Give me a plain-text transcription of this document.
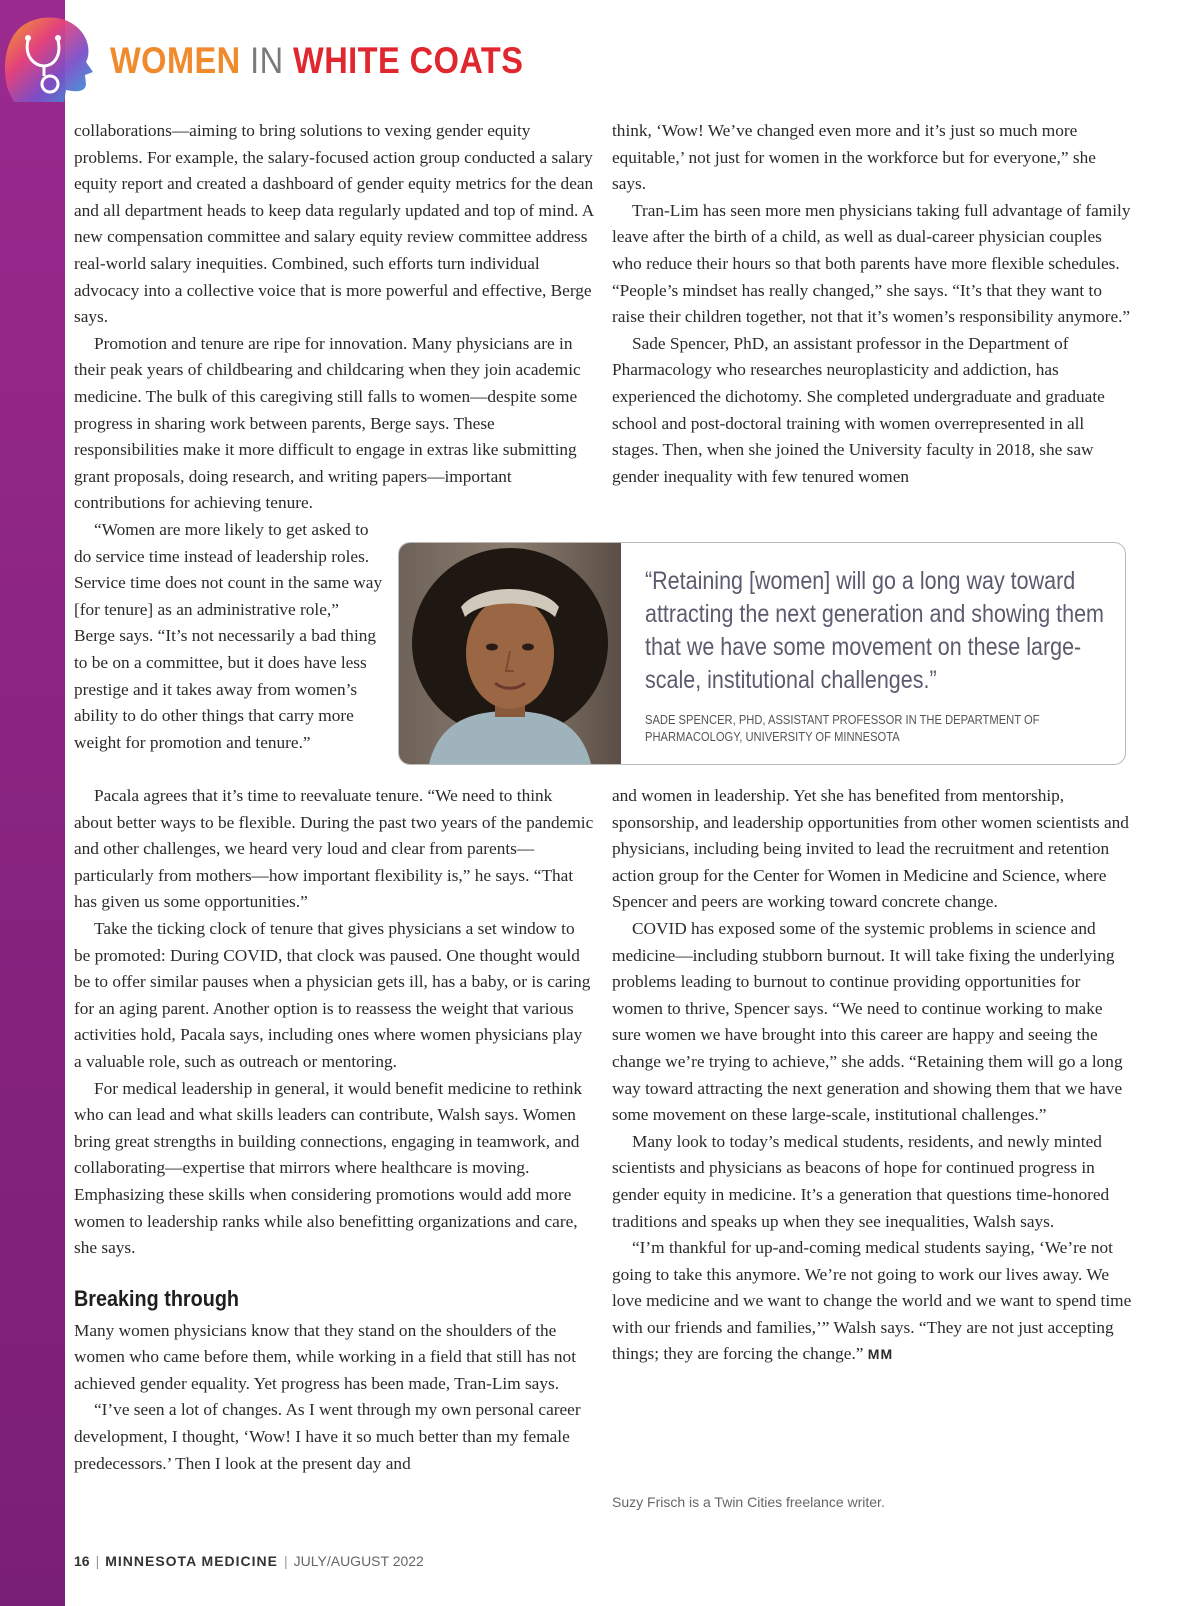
WOMEN IN WHITE COATS

collaborations—aiming to bring solutions to vexing gender equity problems. For example, the salary-focused action group conducted a salary equity report and created a dashboard of gender equity metrics for the dean and all department heads to keep data regularly updated and top of mind. A new compensation committee and salary equity review committee address real-world salary inequities. Combined, such efforts turn individual advocacy into a collective voice that is more powerful and effective, Berge says.

Promotion and tenure are ripe for innovation. Many physicians are in their peak years of childbearing and childcaring when they join academic medicine. The bulk of this caregiving still falls to women—despite some progress in sharing work between parents, Berge says. These responsibilities make it more difficult to engage in extras like submitting grant proposals, doing research, and writing papers—important contributions for achieving tenure.

“Women are more likely to get asked to do service time instead of leadership roles. Service time does not count in the same way [for tenure] as an administrative role,” Berge says. “It’s not necessarily a bad thing to be on a committee, but it does have less prestige and it takes away from women’s ability to do other things that carry more weight for promotion and tenure.”

Pacala agrees that it’s time to reevaluate tenure. “We need to think about better ways to be flexible. During the past two years of the pandemic and other challenges, we heard very loud and clear from parents—particularly from mothers—how important flexibility is,” he says. “That has given us some opportunities.”

Take the ticking clock of tenure that gives physicians a set window to be promoted: During COVID, that clock was paused. One thought would be to offer similar pauses when a physician gets ill, has a baby, or is caring for an aging parent. Another option is to reassess the weight that various activities hold, Pacala says, including ones where women physicians play a valuable role, such as outreach or mentoring.

For medical leadership in general, it would benefit medicine to rethink who can lead and what skills leaders can contribute, Walsh says. Women bring great strengths in building connections, engaging in teamwork, and collaborating—expertise that mirrors where healthcare is moving. Emphasizing these skills when considering promotions would add more women to leadership ranks while also benefitting organizations and care, she says.

Breaking through

Many women physicians know that they stand on the shoulders of the women who came before them, while working in a field that still has not achieved gender equality. Yet progress has been made, Tran-Lim says.

“I’ve seen a lot of changes. As I went through my own personal career development, I thought, ‘Wow! I have it so much better than my female predecessors.’ Then I look at the present day and

think, ‘Wow! We’ve changed even more and it’s just so much more equitable,’ not just for women in the workforce but for everyone,” she says.

Tran-Lim has seen more men physicians taking full advantage of family leave after the birth of a child, as well as dual-career physician couples who reduce their hours so that both parents have more flexible schedules. “People’s mindset has really changed,” she says. “It’s that they want to raise their children together, not that it’s women’s responsibility anymore.”

Sade Spencer, PhD, an assistant professor in the Department of Pharmacology who researches neuroplasticity and addiction, has experienced the dichotomy. She completed undergraduate and graduate school and post-doctoral training with women overrepresented in all stages. Then, when she joined the University faculty in 2018, she saw gender inequality with few tenured women

and women in leadership. Yet she has benefited from mentorship, sponsorship, and leadership opportunities from other women scientists and physicians, including being invited to lead the recruitment and retention action group for the Center for Women in Medicine and Science, where Spencer and peers are working toward concrete change.

COVID has exposed some of the systemic problems in science and medicine—including stubborn burnout. It will take fixing the underlying problems leading to burnout to continue providing opportunities for women to thrive, Spencer says. “We need to continue working to make sure women we have brought into this career are happy and seeing the change we’re trying to achieve,” she adds. “Retaining them will go a long way toward attracting the next generation and showing them that we have some movement on these large-scale, institutional challenges.”

Many look to today’s medical students, residents, and newly minted scientists and physicians as beacons of hope for continued progress in gender equity in medicine. It’s a generation that questions time-honored traditions and speaks up when they see inequalities, Walsh says.

“I’m thankful for up-and-coming medical students saying, ‘We’re not going to take this anymore. We’re not going to work our lives away. We love medicine and we want to change the world and we want to spend time with our friends and families,’” Walsh says. “They are not just accepting things; they are forcing the change.” MM

Suzy Frisch is a Twin Cities freelance writer.
“Retaining [women] will go a long way toward attracting the next generation and showing them that we have some movement on these large-scale, institutional challenges.”
SADE SPENCER, PHD, ASSISTANT PROFESSOR IN THE DEPARTMENT OF PHARMACOLOGY, UNIVERSITY OF MINNESOTA
16 | MINNESOTA MEDICINE | JULY/AUGUST 2022
